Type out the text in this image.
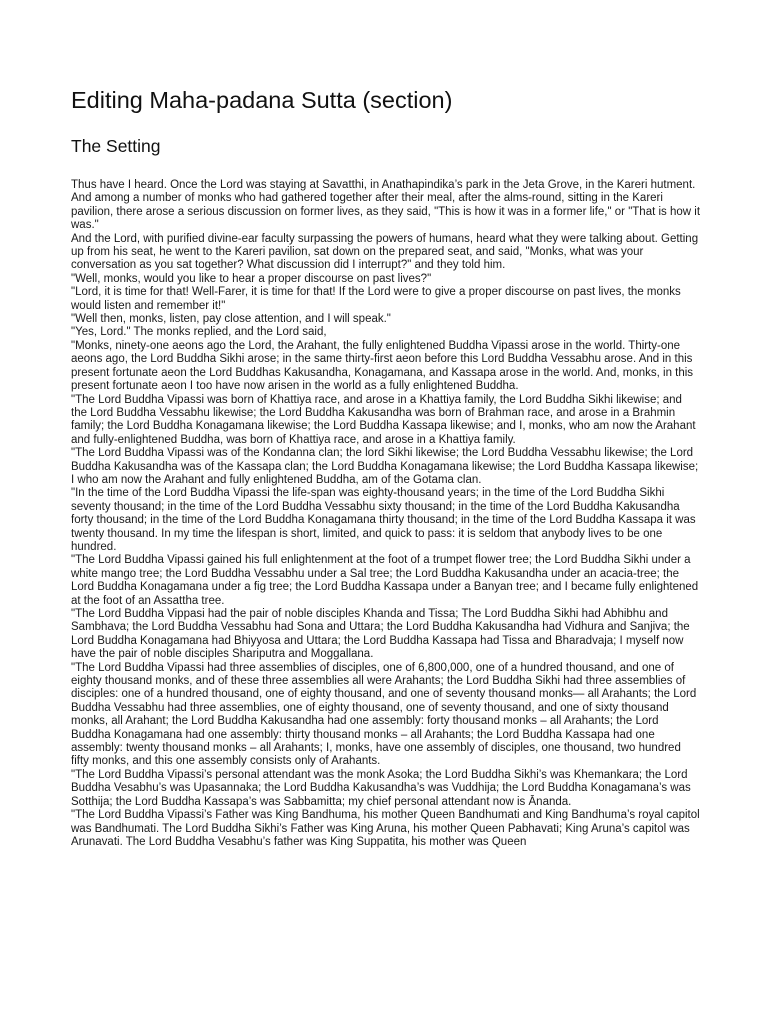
Editing Maha-padana Sutta (section)
The Setting

Thus have I heard. Once the Lord was staying at Savatthi, in Anathapindika’s park in the Jeta Grove, in the Kareri hutment. And among a number of monks who had gathered together after their meal, after the alms-round, sitting in the Kareri pavilion, there arose a serious discussion on former lives, as they said, "This is how it was in a former life," or "That is how it was."

And the Lord, with purified divine-ear faculty surpassing the powers of humans, heard what they were talking about. Getting up from his seat, he went to the Kareri pavilion, sat down on the prepared seat, and said, "Monks, what was your conversation as you sat together? What discussion did I interrupt?" and they told him.

"Well, monks, would you like to hear a proper discourse on past lives?"

"Lord, it is time for that! Well-Farer, it is time for that! If the Lord were to give a proper discourse on past lives, the monks would listen and remember it!"

"Well then, monks, listen, pay close attention, and I will speak."

"Yes, Lord." The monks replied, and the Lord said,

"Monks, ninety-one aeons ago the Lord, the Arahant, the fully enlightened Buddha Vipassi arose in the world. Thirty-one aeons ago, the Lord Buddha Sikhi arose; in the same thirty-first aeon before this Lord Buddha Vessabhu arose. And in this present fortunate aeon the Lord Buddhas Kakusandha, Konagamana, and Kassapa arose in the world. And, monks, in this present fortunate aeon I too have now arisen in the world as a fully enlightened Buddha.

"The Lord Buddha Vipassi was born of Khattiya race, and arose in a Khattiya family, the Lord Buddha Sikhi likewise; and the Lord Buddha Vessabhu likewise; the Lord Buddha Kakusandha was born of Brahman race, and arose in a Brahmin family; the Lord Buddha Konagamana likewise; the Lord Buddha Kassapa likewise; and I, monks, who am now the Arahant and fully-enlightened Buddha, was born of Khattiya race, and arose in a Khattiya family.

"The Lord Buddha Vipassi was of the Kondanna clan; the lord Sikhi likewise; the Lord Buddha Vessabhu likewise; the Lord Buddha Kakusandha was of the Kassapa clan; the Lord Buddha Konagamana likewise; the Lord Buddha Kassapa likewise; I who am now the Arahant and fully enlightened Buddha, am of the Gotama clan.

"In the time of the Lord Buddha Vipassi the life-span was eighty-thousand years; in the time of the Lord Buddha Sikhi seventy thousand; in the time of the Lord Buddha Vessabhu sixty thousand; in the time of the Lord Buddha Kakusandha forty thousand; in the time of the Lord Buddha Konagamana thirty thousand; in the time of the Lord Buddha Kassapa it was twenty thousand. In my time the lifespan is short, limited, and quick to pass: it is seldom that anybody lives to be one hundred.

"The Lord Buddha Vipassi gained his full enlightenment at the foot of a trumpet flower tree; the Lord Buddha Sikhi under a white mango tree; the Lord Buddha Vessabhu under a Sal tree; the Lord Buddha Kakusandha under an acacia-tree; the Lord Buddha Konagamana under a fig tree; the Lord Buddha Kassapa under a Banyan tree; and I became fully enlightened at the foot of an Assattha tree.

"The Lord Buddha Vippasi had the pair of noble disciples Khanda and Tissa; The Lord Buddha Sikhi had Abhibhu and Sambhava; the Lord Buddha Vessabhu had Sona and Uttara; the Lord Buddha Kakusandha had Vidhura and Sanjiva; the Lord Buddha Konagamana had Bhiyyosa and Uttara; the Lord Buddha Kassapa had Tissa and Bharadvaja; I myself now have the pair of noble disciples Shariputra and Moggallana.

"The Lord Buddha Vipassi had three assemblies of disciples, one of 6,800,000, one of a hundred thousand, and one of eighty thousand monks, and of these three assemblies all were Arahants; the Lord Buddha Sikhi had three assemblies of disciples: one of a hundred thousand, one of eighty thousand, and one of seventy thousand monks— all Arahants; the Lord Buddha Vessabhu had three assemblies, one of eighty thousand, one of seventy thousand, and one of sixty thousand monks, all Arahant; the Lord Buddha Kakusandha had one assembly: forty thousand monks – all Arahants; the Lord Buddha Konagamana had one assembly: thirty thousand monks – all Arahants; the Lord Buddha Kassapa had one assembly: twenty thousand monks – all Arahants; I, monks, have one assembly of disciples, one thousand, two hundred fifty monks, and this one assembly consists only of Arahants.

"The Lord Buddha Vipassi’s personal attendant was the monk Asoka; the Lord Buddha Sikhi’s was Khemankara; the Lord Buddha Vesabhu’s was Upasannaka; the Lord Buddha Kakusandha’s was Vuddhija; the Lord Buddha Konagamana’s was Sotthija; the Lord Buddha Kassapa’s was Sabbamitta; my chief personal attendant now is Ānanda.

"The Lord Buddha Vipassi’s Father was King Bandhuma, his mother Queen Bandhumati and King Bandhuma’s royal capitol was Bandhumati. The Lord Buddha Sikhi’s Father was King Aruna, his mother Queen Pabhavati; King Aruna’s capitol was Arunavati. The Lord Buddha Vesabhu’s father was King Suppatita, his mother was Queen
